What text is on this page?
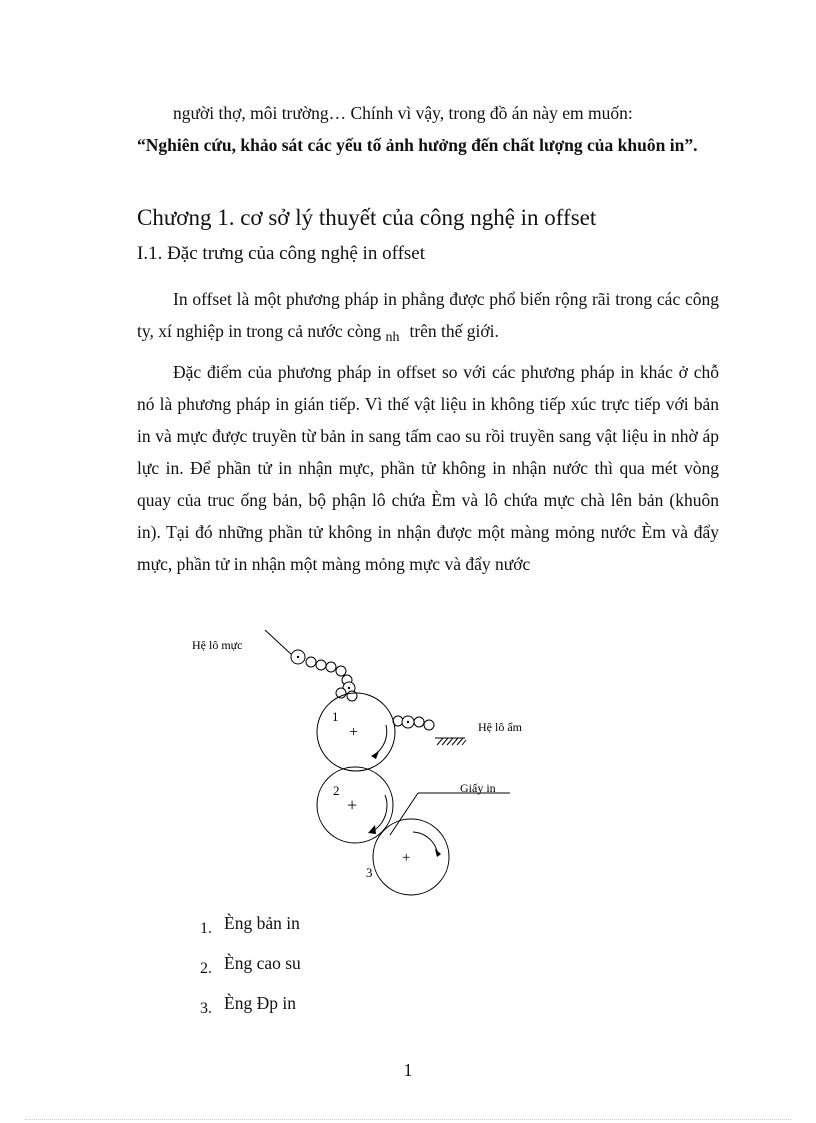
người thợ, môi trường… Chính vì vậy, trong đồ án này em muốn:
“Nghiên cứu, khảo sát các yếu tố ảnh hưởng đến chất lượng của khuôn in”.

Chương 1. cơ sở lý thuyết của công nghệ in offset
I.1. Đặc trưng của công nghệ in offset

In offset là một phương pháp in phẳng được phổ biến rộng rãi trong các công ty, xí nghiệp in trong cả nước còng $_{nh}$ trên thế giới.

Đặc điểm của phương pháp in offset so với các phương pháp in khác ở chỗ nó là phương pháp in gián tiếp. Vì thế vật liệu in không tiếp xúc trực tiếp với bản in và mực được truyền từ bản in sang tấm cao su rồi truyền sang vật liệu in nhờ áp lực in. Để phần tử in nhận mực, phần tử không in nhận nước thì qua mét vòng quay của truc ống bản, bộ phận lô chứa Èm và lô chứa mực chà lên bản (khuôn in). Tại đó những phần tử không in nhận được một màng mỏng nước Èm và đẩy mực, phần tử in nhận một màng mỏng mực và đẩy nước

Hệ lô mực
Hệ lô ẩm
1
+
2
+
Giấy in
3
+
1. Èng bản in
2. Èng cao su
3. Èng Ðp in
1
